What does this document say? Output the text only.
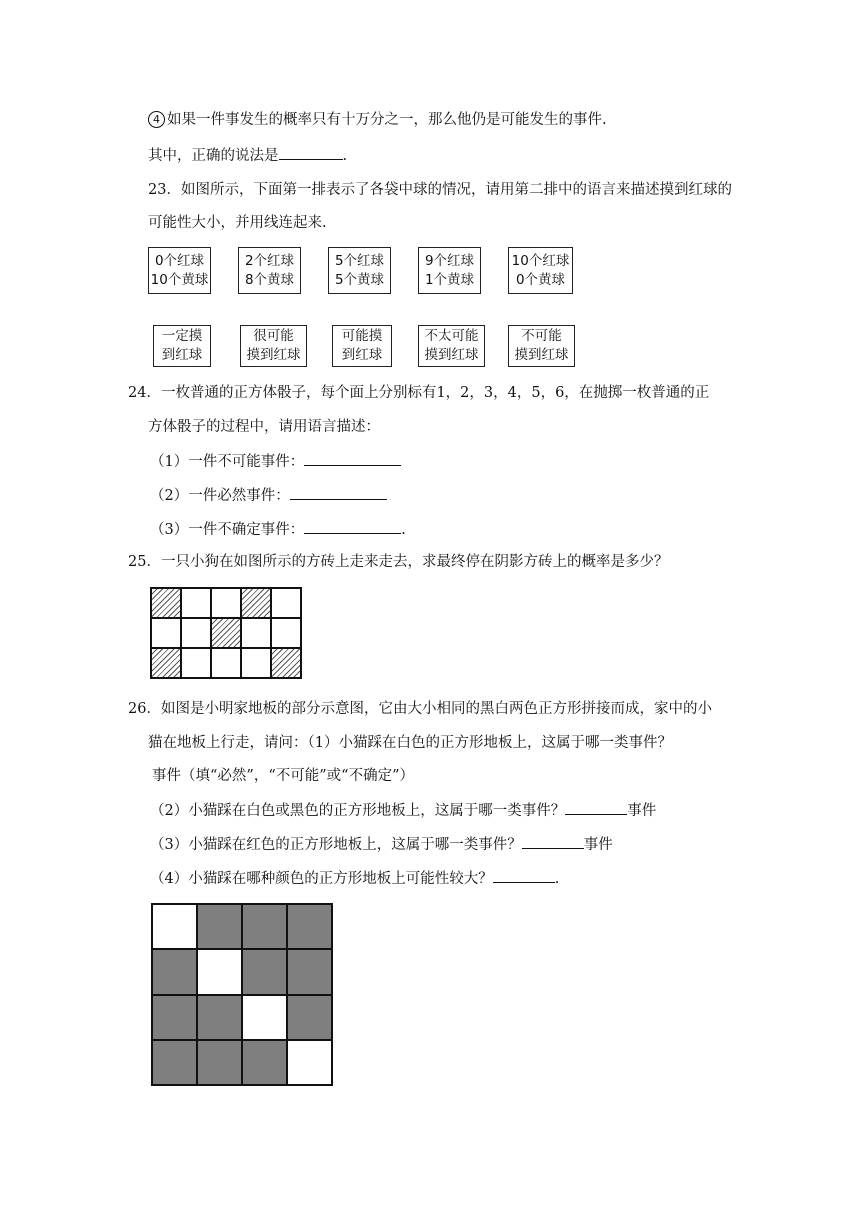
4 如果一件事发生的概率只有十万分之一，那么他仍是可能发生的事件.
其中，正确的说法是	.
23．如图所示，下面第一排表示了各袋中球的情况，请用第二排中的语言来描述摸到红球的
可能性大小，并用线连起来.
0个红球
10个黄球
2个红球
8个黄球
5个红球
5个黄球
9个红球
1个黄球
10个红球
0个黄球
一定摸
到红球
很可能
摸到红球
可能摸
到红球
不太可能
摸到红球
不可能
摸到红球
24．一枚普通的正方体骰子，每个面上分别标有1，2，3，4，5，6，在抛掷一枚普通的正
方体骰子的过程中，请用语言描述：
（1）一件不可能事件：
（2）一件必然事件：
（3）一件不确定事件：	.
25．一只小狗在如图所示的方砖上走来走去，求最终停在阴影方砖上的概率是多少？
26．如图是小明家地板的部分示意图，它由大小相同的黑白两色正方形拼接而成，家中的小
猫在地板上行走，请问：（1）小猫踩在白色的正方形地板上，这属于哪一类事件？
事件（填“必然”，“不可能”或“不确定”）
（2）小猫踩在白色或黑色的正方形地板上，这属于哪一类事件？	事件
（3）小猫踩在红色的正方形地板上，这属于哪一类事件？	事件
（4）小猫踩在哪种颜色的正方形地板上可能性较大？	.
